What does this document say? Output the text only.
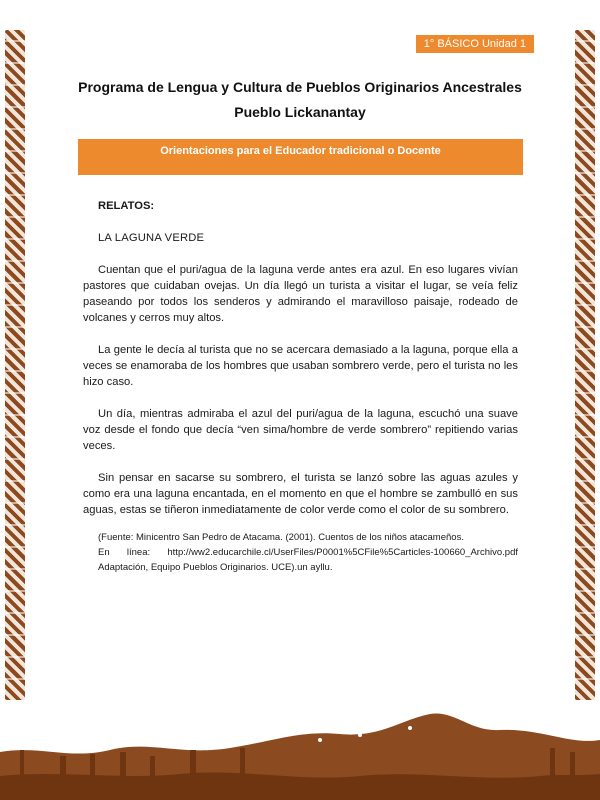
1° BÁSICO Unidad 1
Programa de Lengua y Cultura de Pueblos Originarios Ancestrales
Pueblo Lickanantay
Orientaciones para el Educador tradicional o Docente

RELATOS:

LA LAGUNA VERDE

Cuentan que el puri/agua de la laguna verde antes era azul. En eso lugares vivían pastores que cuidaban ovejas. Un día llegó un turista a visitar el lugar, se veía feliz paseando por todos los senderos y admirando el maravilloso paisaje, rodeado de volcanes y cerros muy altos.

La gente le decía al turista que no se acercara demasiado a la laguna, porque ella a veces se enamoraba de los hombres que usaban sombrero verde, pero el turista no les hizo caso.

Un día, mientras admiraba el azul del puri/agua de la laguna, escuchó una suave voz desde el fondo que decía “ven sima/hombre de verde sombrero” repitiendo varias veces.

Sin pensar en sacarse su sombrero, el turista se lanzó sobre las aguas azules y como era una laguna encantada, en el momento en que el hombre se zambulló en sus aguas, estas se tiñeron inmediatamente de color verde como el color de su sombrero.

(Fuente: Minicentro San Pedro de Atacama. (2001). Cuentos de los niños atacameños.
En línea: http://ww2.educarchile.cl/UserFiles/P0001%5CFile%5Carticles-100660_Archivo.pdf Adaptación, Equipo Pueblos Originarios. UCE).un ayllu.
